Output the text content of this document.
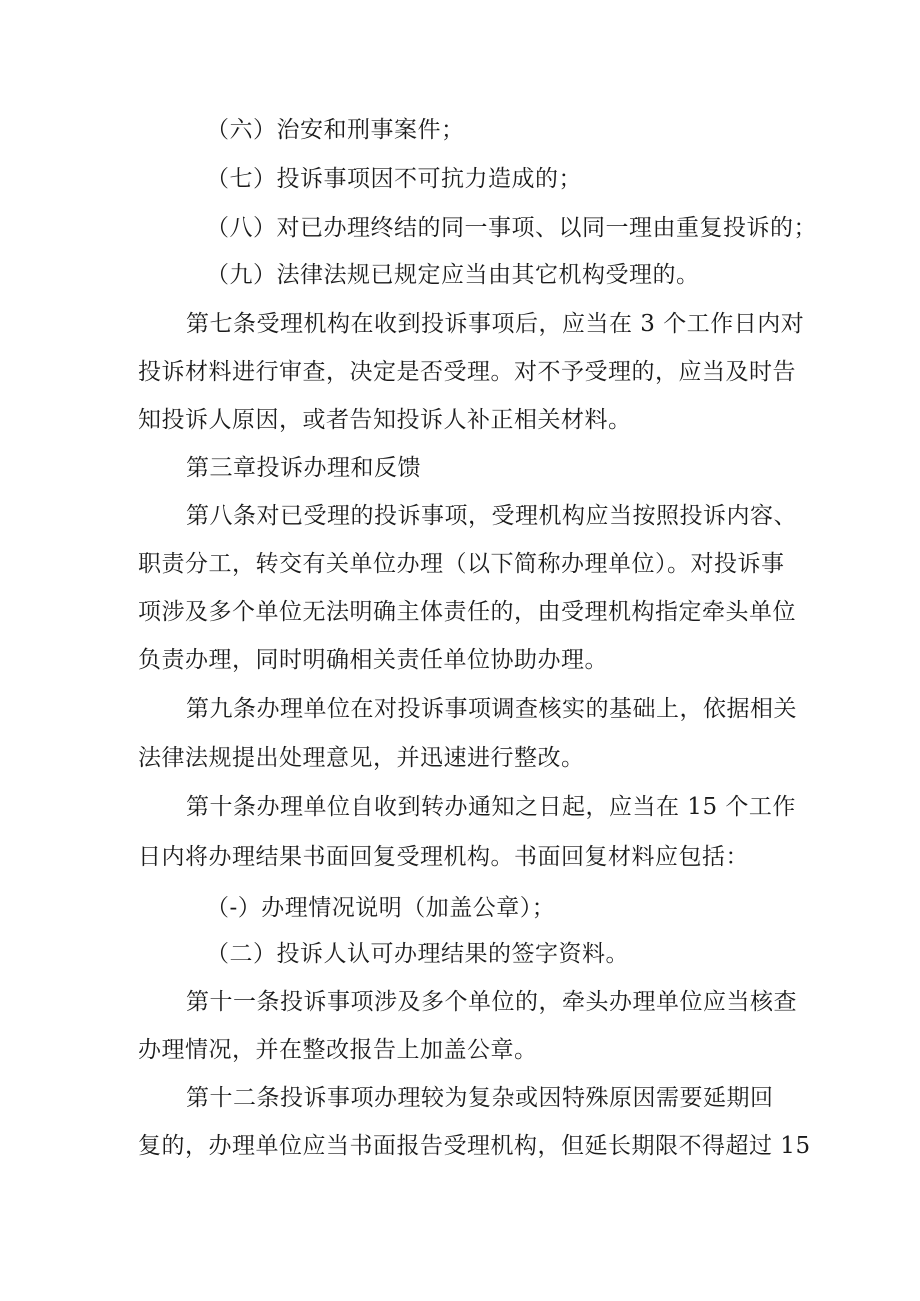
（六）治安和刑事案件；
（七）投诉事项因不可抗力造成的；
（八）对已办理终结的同一事项、以同一理由重复投诉的；
（九）法律法规已规定应当由其它机构受理的。
第七条受理机构在收到投诉事项后，应当在 3 个工作日内对
投诉材料进行审查，决定是否受理。对不予受理的，应当及时告
知投诉人原因，或者告知投诉人补正相关材料。
第三章投诉办理和反馈
第八条对已受理的投诉事项，受理机构应当按照投诉内容、
职责分工，转交有关单位办理（以下简称办理单位）。对投诉事
项涉及多个单位无法明确主体责任的，由受理机构指定牵头单位
负责办理，同时明确相关责任单位协助办理。
第九条办理单位在对投诉事项调查核实的基础上，依据相关
法律法规提出处理意见，并迅速进行整改。
第十条办理单位自收到转办通知之日起，应当在 15 个工作
日内将办理结果书面回复受理机构。书面回复材料应包括：
（-）办理情况说明（加盖公章）；
（二）投诉人认可办理结果的签字资料。
第十一条投诉事项涉及多个单位的，牵头办理单位应当核查
办理情况，并在整改报告上加盖公章。
第十二条投诉事项办理较为复杂或因特殊原因需要延期回
复的，办理单位应当书面报告受理机构，但延长期限不得超过 15
